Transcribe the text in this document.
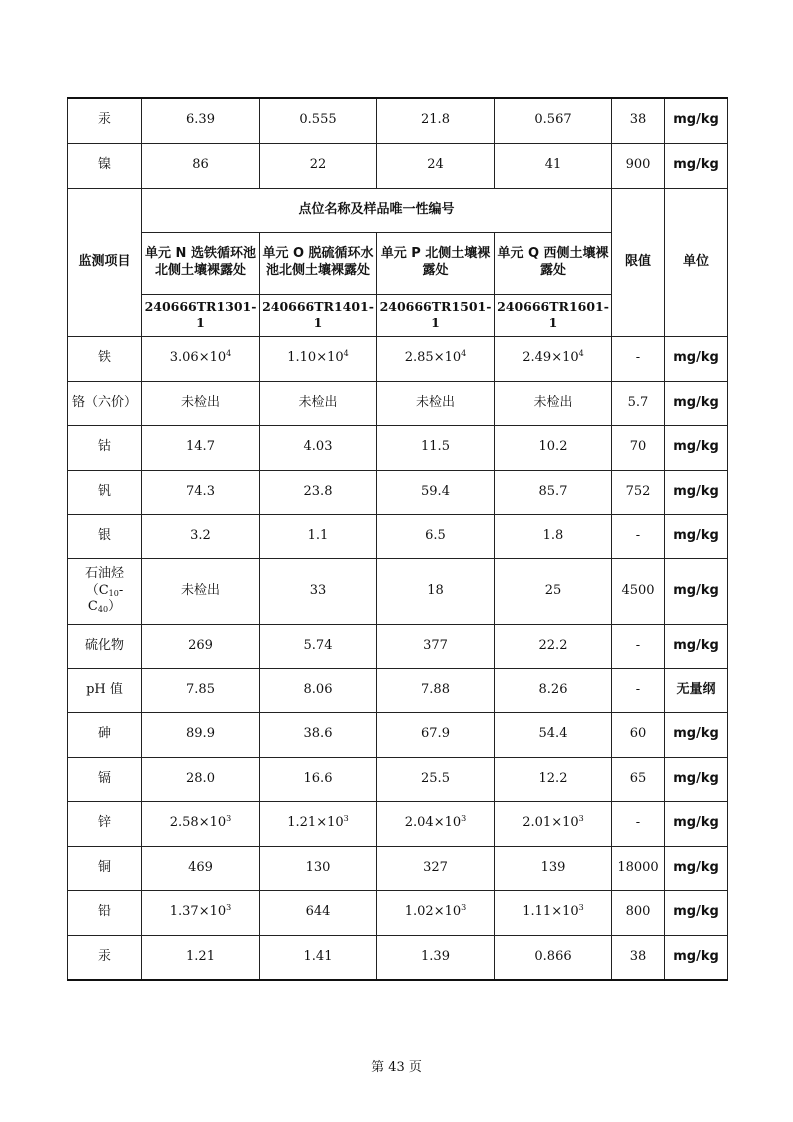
汞	6.39	0.555	21.8	0.567	38	mg/kg
镍	86	22	24	41	900	mg/kg
监测项目	点位名称及样品唯一性编号				限值	单位
	单元 N 选铁循环池北侧土壤裸露处	单元 O 脱硫循环水池北侧土壤裸露处	单元 P 北侧土壤裸露处	单元 Q 西侧土壤裸露处		
	240666TR1301-1	240666TR1401-1	240666TR1501-1	240666TR1601-1		
铁	$3.06\times 10^4$	$1.10\times 10^4$	$2.85\times 10^4$	$2.49\times 10^4$	-	mg/kg
铬（六价）	未检出	未检出	未检出	未检出	5.7	mg/kg
钴	14.7	4.03	11.5	10.2	70	mg/kg
钒	74.3	23.8	59.4	85.7	752	mg/kg
银	3.2	1.1	6.5	1.8	-	mg/kg
石油烃$(C_{10}-C_{40})$	未检出	33	18	25	4500	mg/kg
硫化物	269	5.74	377	22.2	-	mg/kg
pH 值	7.85	8.06	7.88	8.26	-	无量纲
砷	89.9	38.6	67.9	54.4	60	mg/kg
镉	28.0	16.6	25.5	12.2	65	mg/kg
锌	$2.58\times 10^3$	$1.21\times 10^3$	$2.04\times 10^3$	$2.01\times 10^3$	-	mg/kg
铜	469	130	327	139	18000	mg/kg
铅	$1.37\times 10^3$	644	$1.02\times 10^3$	$1.11\times 10^3$	800	mg/kg
汞	1.21	1.41	1.39	0.866	38	mg/kg
第 43 页
